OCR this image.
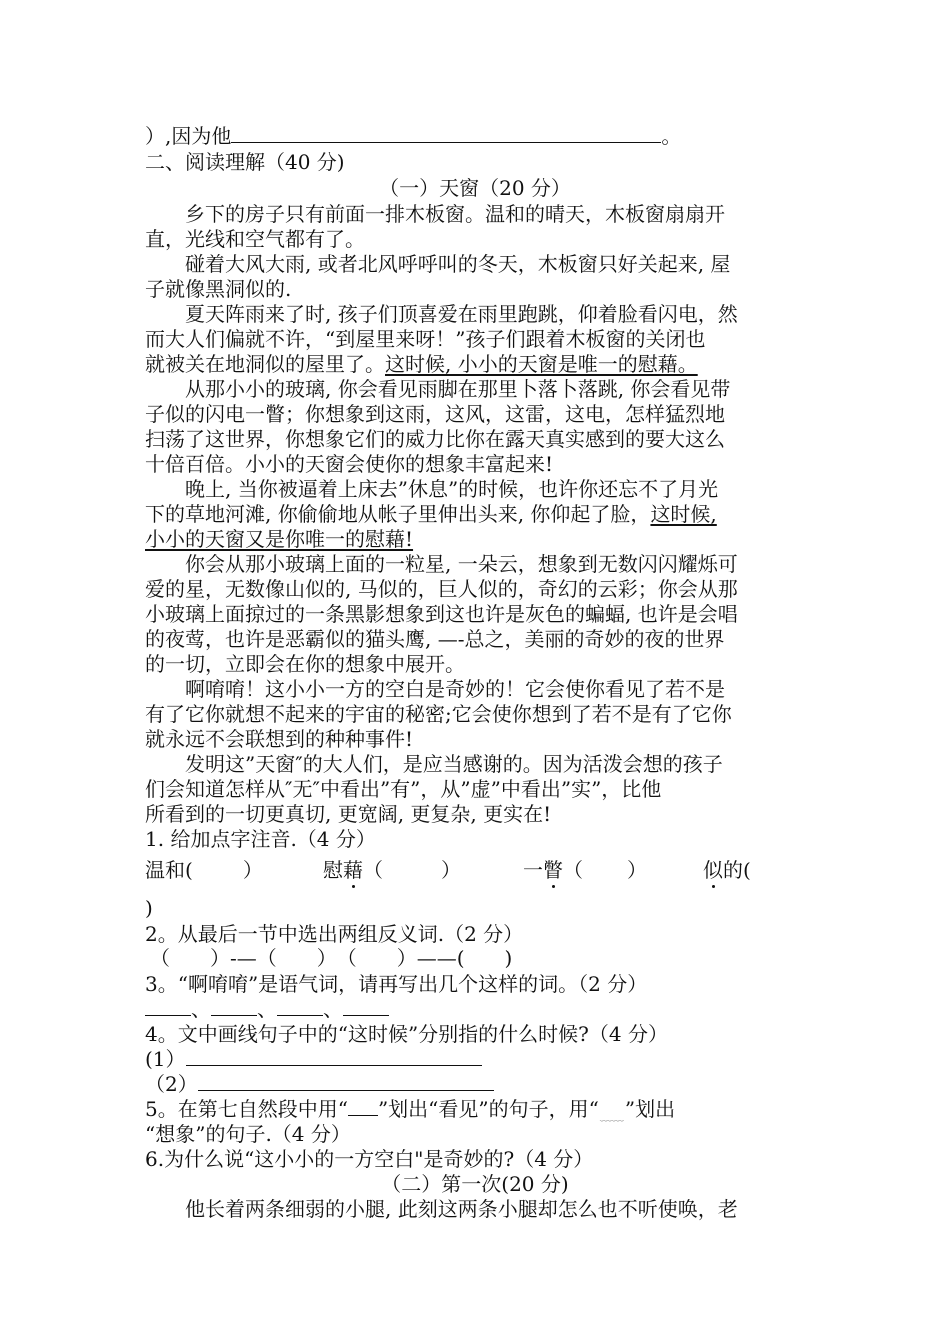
）,因为他	。
二、阅读理解（40 分)
（一）天窗（20 分）
　　乡下的房子只有前面一排木板窗。温和的晴天，木板窗扇扇开
直，光线和空气都有了。
　　碰着大风大雨, 或者北风呼呼叫的冬天，木板窗只好关起来, 屋
子就像黑洞似的.
　　夏天阵雨来了时, 孩子们顶喜爱在雨里跑跳，仰着脸看闪电，然
而大人们偏就不许，“到屋里来呀！”孩子们跟着木板窗的关闭也
就被关在地洞似的屋里了。这时候, 小小的天窗是唯一的慰藉。
　　从那小小的玻璃, 你会看见雨脚在那里卜落卜落跳, 你会看见带
子似的闪电一瞥；你想象到这雨，这风，这雷，这电，怎样猛烈地
扫荡了这世界，你想象它们的威力比你在露天真实感到的要大这么
十倍百倍。小小的天窗会使你的想象丰富起来!
　　晚上, 当你被逼着上床去”休息”的时候，也许你还忘不了月光
下的草地河滩, 你偷偷地从帐子里伸出头来, 你仰起了脸，这时候,
小小的天窗又是你唯一的慰藉!
　　你会从那小玻璃上面的一粒星, 一朵云，想象到无数闪闪耀烁可
爱的星，无数像山似的, 马似的，巨人似的，奇幻的云彩；你会从那
小玻璃上面掠过的一条黑影想象到这也许是灰色的蝙蝠, 也许是会唱
的夜莺，也许是恶霸似的猫头鹰, —-总之，美丽的奇妙的夜的世界
的一切，立即会在你的想象中展开。
　　啊唷唷！这小小一方的空白是奇妙的！它会使你看见了若不是
有了它你就想不起来的宇宙的秘密;它会使你想到了若不是有了它你
就永远不会联想到的种种事件!
　　发明这”天窗″的大人们，是应当感谢的。因为活泼会想的孩子
们会知道怎样从″无″中看出”有”，从”虚”中看出”实”，比他
所看到的一切更真切, 更宽阔, 更复杂, 更实在!
1. 给加点字注音.（4 分）
温和(	）	慰藉（	）	一瞥（ ）	似的(
)
2。从最后一节中选出两组反义词.（2 分）
（　　）-—（　　）　（　　）——(　　)
3。“啊唷唷”是语气词，请再写出几个这样的词。（2 分）
、 、 、
4。文中画线句子中的“这时候”分别指的什么时候?（4 分）
(1）
（2）
5。在第七自然段中用“ ”划出“看见”的句子，用“﹏﹏”划出
“想象”的句子.（4 分）
6.为什么说“这小小的一方空白"是奇妙的?（4 分）
（二）第一次(20 分)
　　他长着两条细弱的小腿, 此刻这两条小腿却怎么也不听使唤，老
